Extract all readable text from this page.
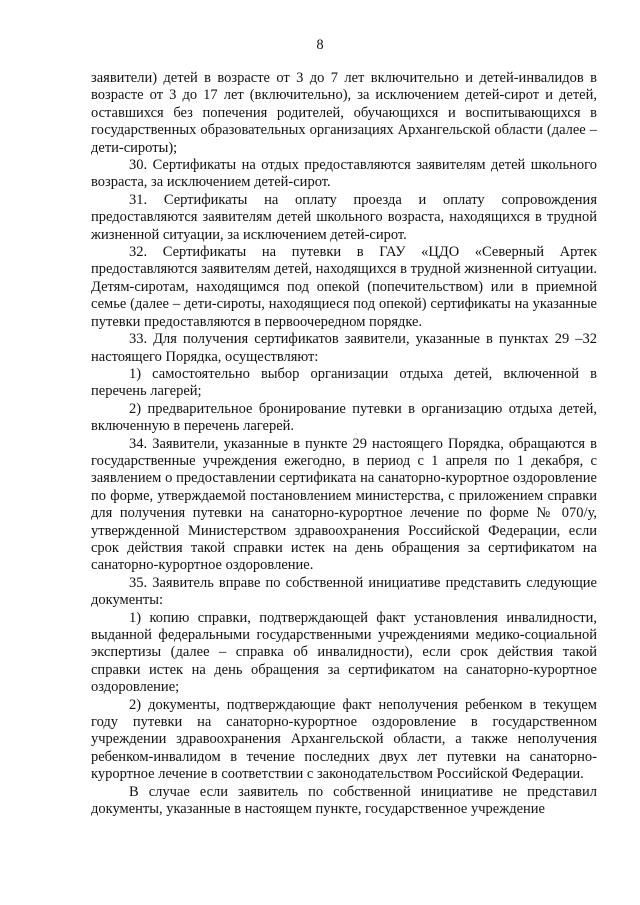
8

заявители) детей в возрасте от 3 до 7 лет включительно и детей-инвалидов в возрасте от 3 до 17 лет (включительно), за исключением детей-сирот и детей, оставшихся без попечения родителей, обучающихся и воспитывающихся в государственных образовательных организациях Архангельской области (далее – дети-сироты);

30. Сертификаты на отдых предоставляются заявителям детей школьного возраста, за исключением детей-сирот.

31. Сертификаты на оплату проезда и оплату сопровождения предоставляются заявителям детей школьного возраста, находящихся в трудной жизненной ситуации, за исключением детей-сирот.

32. Сертификаты на путевки в ГАУ «ЦДО «Северный Артек предоставляются заявителям детей, находящихся в трудной жизненной ситуации. Детям-сиротам, находящимся под опекой (попечительством) или в приемной семье (далее – дети-сироты, находящиеся под опекой) сертификаты на указанные путевки предоставляются в первоочередном порядке.

33. Для получения сертификатов заявители, указанные в пунктах 29 –32 настоящего Порядка, осуществляют:

1) самостоятельно выбор организации отдыха детей, включенной в перечень лагерей;

2) предварительное бронирование путевки в организацию отдыха детей, включенную в перечень лагерей.

34. Заявители, указанные в пункте 29 настоящего Порядка, обращаются в государственные учреждения ежегодно, в период с 1 апреля по 1 декабря, с заявлением о предоставлении сертификата на санаторно-курортное оздоровление по форме, утверждаемой постановлением министерства, с приложением справки для получения путевки на санаторно-курортное лечение по форме № 070/у, утвержденной Министерством здравоохранения Российской Федерации, если срок действия такой справки истек на день обращения за сертификатом на санаторно-курортное оздоровление.

35. Заявитель вправе по собственной инициативе представить следующие документы:

1) копию справки, подтверждающей факт установления инвалидности, выданной федеральными государственными учреждениями медико-социальной экспертизы (далее – справка об инвалидности), если срок действия такой справки истек на день обращения за сертификатом на санаторно-курортное оздоровление;

2) документы, подтверждающие факт неполучения ребенком в текущем году путевки на санаторно-курортное оздоровление в государственном учреждении здравоохранения Архангельской области, а также неполучения ребенком-инвалидом в течение последних двух лет путевки на санаторно-курортное лечение в соответствии с законодательством Российской Федерации.

В случае если заявитель по собственной инициативе не представил документы, указанные в настоящем пункте, государственное учреждение
